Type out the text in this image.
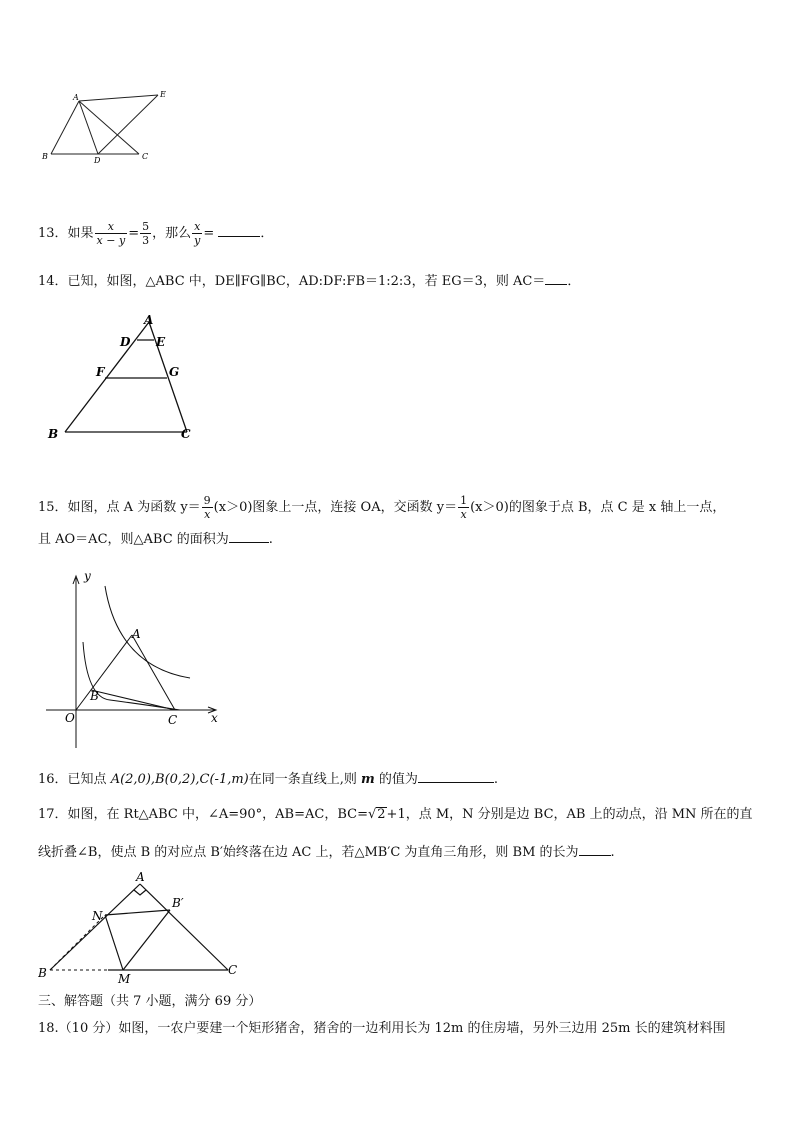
A	E
B	D	C
13．如果 $\frac{x}{x - y} = \frac{5}{3}$ ，那么 $\frac{x}{y}$ =	．
14．已知，如图，△ABC 中，DE∥FG∥BC，AD:DF:FB＝1:2:3，若 EG＝3，则 AC＝ ．
A
D E
F	G
B	C
15．如图，点 A 为函数 $y= \frac{9}{x} (x>0)$图象上一点，连接 OA，交函数 $y= \frac{1}{x} (x>0)$的图象于点 B，点 C 是 x 轴上一点，
且 AO＝AC，则△ABC 的面积为	.
y
x
O
A
B
C
16．已知点 A(2,0),B(0,2),C(-1,m)在同一条直线上,则 m 的值为	.
17．如图，在 Rt△ABC 中，∠A=90°，AB=AC，BC=√2+1，点 M，N 分别是边 BC，AB 上的动点，沿 MN 所在的直
线折叠∠B，使点 B 的对应点 B′始终落在边 AC 上，若△MB′C 为直角三角形，则 BM 的长为 .
A
B′
N
B	M
C
三、解答题（共 7 小题，满分 69 分）
18.（10 分）如图，一农户要建一个矩形猪舍，猪舍的一边利用长为 12m 的住房墙，另外三边用 25m 长的建筑材料围
